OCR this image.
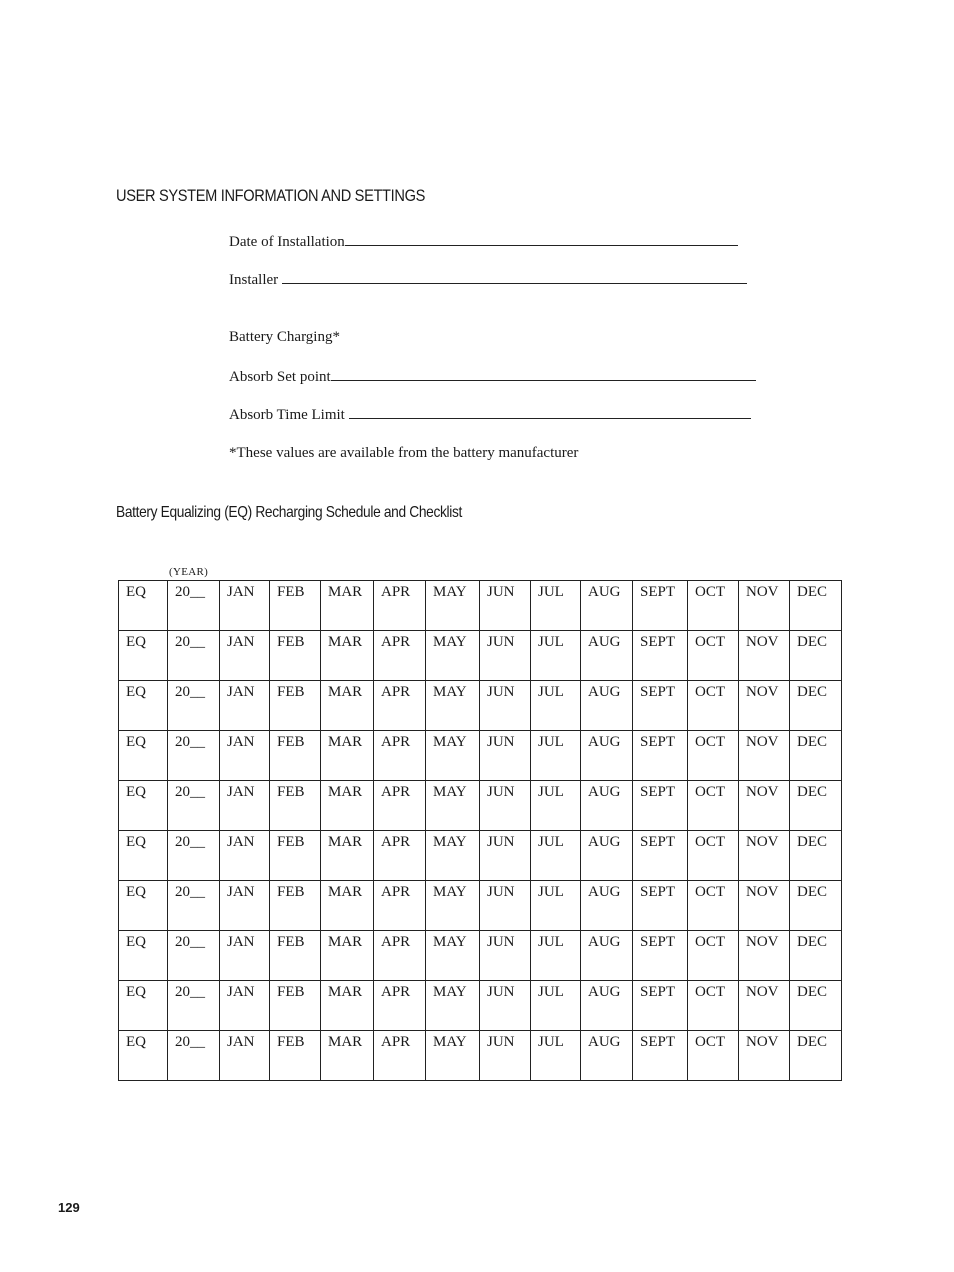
USER SYSTEM INFORMATION AND SETTINGS
Date of Installation
Installer
Battery Charging*
Absorb Set point
Absorb Time Limit
*These values are available from the battery manufacturer
Battery Equalizing (EQ) Recharging Schedule and Checklist
(YEAR)
EQ	20__	JAN	FEB	MAR	APR	MAY	JUN	JUL	AUG	SEPT	OCT	NOV	DEC
EQ	20__	JAN	FEB	MAR	APR	MAY	JUN	JUL	AUG	SEPT	OCT	NOV	DEC
EQ	20__	JAN	FEB	MAR	APR	MAY	JUN	JUL	AUG	SEPT	OCT	NOV	DEC
EQ	20__	JAN	FEB	MAR	APR	MAY	JUN	JUL	AUG	SEPT	OCT	NOV	DEC
EQ	20__	JAN	FEB	MAR	APR	MAY	JUN	JUL	AUG	SEPT	OCT	NOV	DEC
EQ	20__	JAN	FEB	MAR	APR	MAY	JUN	JUL	AUG	SEPT	OCT	NOV	DEC
EQ	20__	JAN	FEB	MAR	APR	MAY	JUN	JUL	AUG	SEPT	OCT	NOV	DEC
EQ	20__	JAN	FEB	MAR	APR	MAY	JUN	JUL	AUG	SEPT	OCT	NOV	DEC
EQ	20__	JAN	FEB	MAR	APR	MAY	JUN	JUL	AUG	SEPT	OCT	NOV	DEC
EQ	20__	JAN	FEB	MAR	APR	MAY	JUN	JUL	AUG	SEPT	OCT	NOV	DEC
129
